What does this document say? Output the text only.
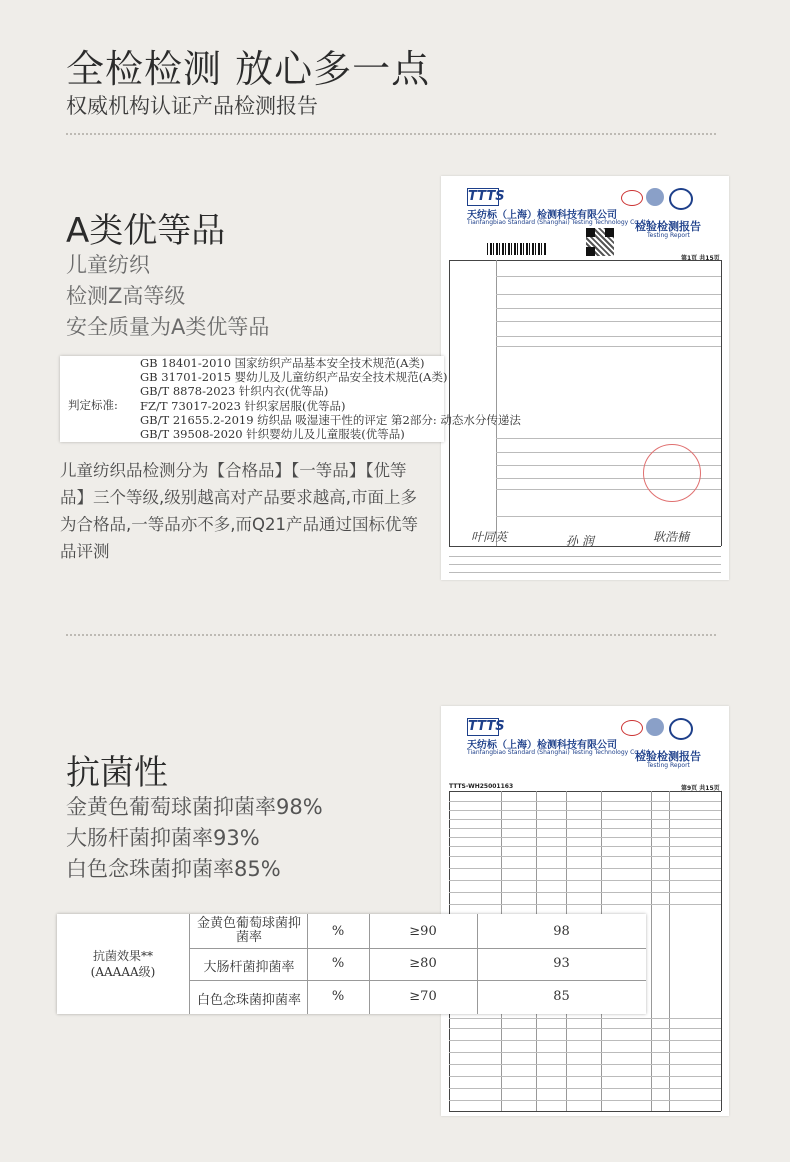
全检检测 放心多一点
权威机构认证产品检测报告
A类优等品
儿童纺织
检测Z高等级
安全质量为A类优等品
TTTS
天纺标（上海）检测科技有限公司
Tianfangbiao Standard (Shanghai) Testing Technology Co.,ltd.
检验检测报告
Testing Report
第1页 共15页
叶同英	孙 润	耿浩楠
判定标准:
GB 18401-2010 国家纺织产品基本安全技术规范(A类)
GB 31701-2015 婴幼儿及儿童纺织产品安全技术规范(A类)
GB/T 8878-2023 针织内衣(优等品)
FZ/T 73017-2023 针织家居服(优等品)
GB/T 21655.2-2019 纺织品 吸湿速干性的评定 第2部分: 动态水分传递法
GB/T 39508-2020 针织婴幼儿及儿童服装(优等品)
儿童纺织品检测分为【合格品】【一等品】【优等品】三个等级,级别越高对产品要求越高,市面上多为合格品,一等品亦不多,而Q21产品通过国标优等品评测
抗菌性
金黄色葡萄球菌抑菌率98%
大肠杆菌抑菌率93%
白色念珠菌抑菌率85%
TTTS
天纺标（上海）检测科技有限公司
Tianfangbiao Standard (Shanghai) Testing Technology Co.,ltd.
检验检测报告
Testing Report
TTTS-WH25001163	第9页 共15页
抗菌效果**
(AAAAA级)
金黄色葡萄球菌抑菌率	%	≥90	98
大肠杆菌抑菌率	%	≥80	93
白色念珠菌抑菌率	%	≥70	85
